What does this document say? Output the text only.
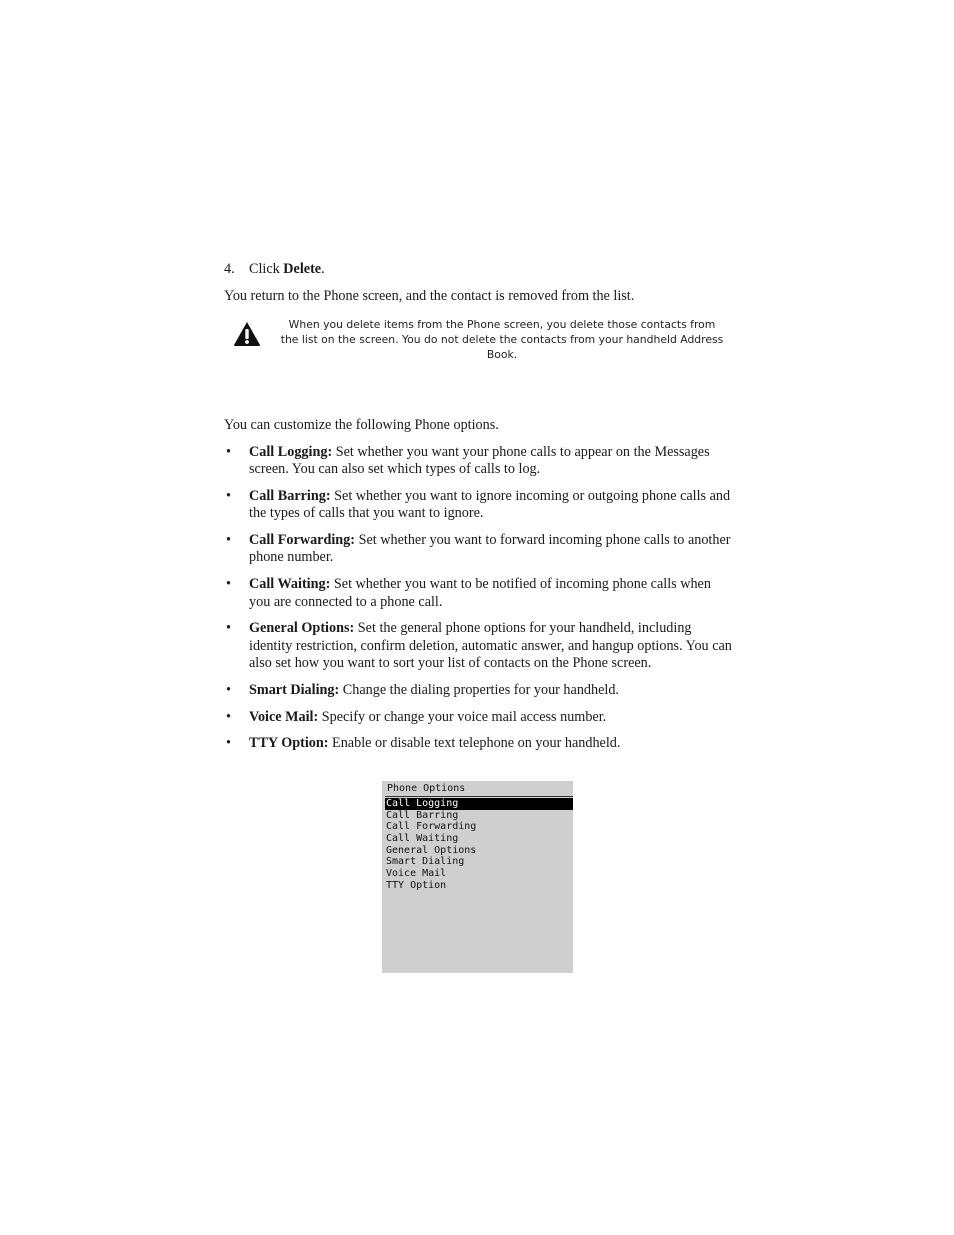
4. Click Delete.
You return to the Phone screen, and the contact is removed from the list.
When you delete items from the Phone screen, you delete those contacts from
the list on the screen. You do not delete the contacts from your handheld Address Book.
You can customize the following Phone options.
• Call Logging: Set whether you want your phone calls to appear on the Messages screen. You can also set which types of calls to log.
• Call Barring: Set whether you want to ignore incoming or outgoing phone calls and the types of calls that you want to ignore.
• Call Forwarding: Set whether you want to forward incoming phone calls to another phone number.
• Call Waiting: Set whether you want to be notified of incoming phone calls when you are connected to a phone call.
• General Options: Set the general phone options for your handheld, including identity restriction, confirm deletion, automatic answer, and hangup options. You can also set how you want to sort your list of contacts on the Phone screen.
• Smart Dialing: Change the dialing properties for your handheld.
• Voice Mail: Specify or change your voice mail access number.
• TTY Option: Enable or disable text telephone on your handheld.
Phone Options
Call Logging
Call Barring
Call Forwarding
Call Waiting
General Options
Smart Dialing
Voice Mail
TTY Option
